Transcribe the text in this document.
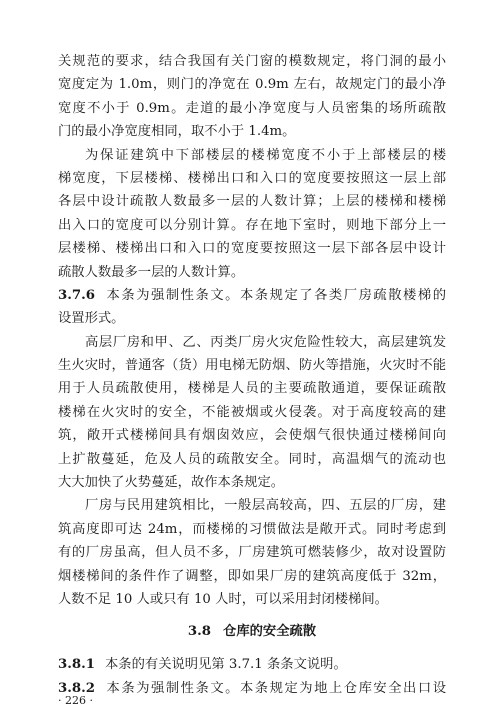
关规范的要求，结合我国有关门窗的模数规定，将门洞的最小
宽度定为 1.0m，则门的净宽在 0.9m 左右，故规定门的最小净
宽度不小于 0.9m。走道的最小净宽度与人员密集的场所疏散
门的最小净宽度相同，取不小于 1.4m。
为保证建筑中下部楼层的楼梯宽度不小于上部楼层的楼
梯宽度，下层楼梯、楼梯出口和入口的宽度要按照这一层上部
各层中设计疏散人数最多一层的人数计算；上层的楼梯和楼梯
出入口的宽度可以分别计算。存在地下室时，则地下部分上一
层楼梯、楼梯出口和入口的宽度要按照这一层下部各层中设计
疏散人数最多一层的人数计算。
3.7.6 本条为强制性条文。本条规定了各类厂房疏散楼梯的
设置形式。
高层厂房和甲、乙、丙类厂房火灾危险性较大，高层建筑发
生火灾时，普通客（货）用电梯无防烟、防火等措施，火灾时不能
用于人员疏散使用，楼梯是人员的主要疏散通道，要保证疏散
楼梯在火灾时的安全，不能被烟或火侵袭。对于高度较高的建
筑，敞开式楼梯间具有烟囱效应，会使烟气很快通过楼梯间向
上扩散蔓延，危及人员的疏散安全。同时，高温烟气的流动也
大大加快了火势蔓延，故作本条规定。
厂房与民用建筑相比，一般层高较高，四、五层的厂房，建
筑高度即可达 24m，而楼梯的习惯做法是敞开式。同时考虑到
有的厂房虽高，但人员不多，厂房建筑可燃装修少，故对设置防
烟楼梯间的条件作了调整，即如果厂房的建筑高度低于 32m，
人数不足 10 人或只有 10 人时，可以采用封闭楼梯间。
3.8 仓库的安全疏散
3.8.1 本条的有关说明见第 3.7.1 条条文说明。
3.8.2 本条为强制性条文。本条规定为地上仓库安全出口设
· 226 ·
